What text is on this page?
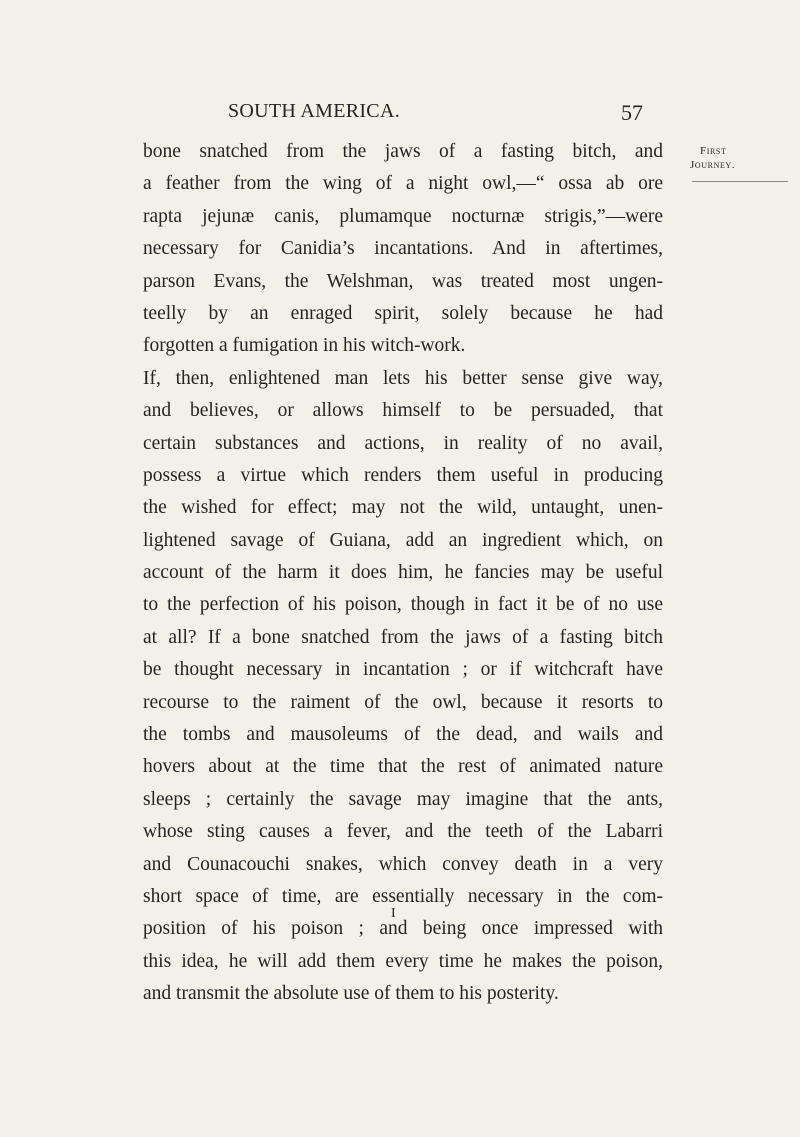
SOUTH AMERICA.	57
First
Journey.
bone snatched from the jaws of a fasting bitch, and
a feather from the wing of a night owl,—“ ossa ab ore
rapta jejunæ canis, plumamque nocturnæ strigis,”—were
necessary for Canidia’s incantations. And in aftertimes,
parson Evans, the Welshman, was treated most ungen-
teelly by an enraged spirit, solely because he had
forgotten a fumigation in his witch-work.
If, then, enlightened man lets his better sense give way,
and believes, or allows himself to be persuaded, that
certain substances and actions, in reality of no avail,
possess a virtue which renders them useful in producing
the wished for effect; may not the wild, untaught, unen-
lightened savage of Guiana, add an ingredient which, on
account of the harm it does him, he fancies may be useful
to the perfection of his poison, though in fact it be of no use
at all? If a bone snatched from the jaws of a fasting bitch
be thought necessary in incantation ; or if witchcraft have
recourse to the raiment of the owl, because it resorts to
the tombs and mausoleums of the dead, and wails and
hovers about at the time that the rest of animated nature
sleeps ; certainly the savage may imagine that the ants,
whose sting causes a fever, and the teeth of the Labarri
and Counacouchi snakes, which convey death in a very
short space of time, are essentially necessary in the com-
position of his poison ; and being once impressed with
this idea, he will add them every time he makes the poison,
and transmit the absolute use of them to his posterity.
I
